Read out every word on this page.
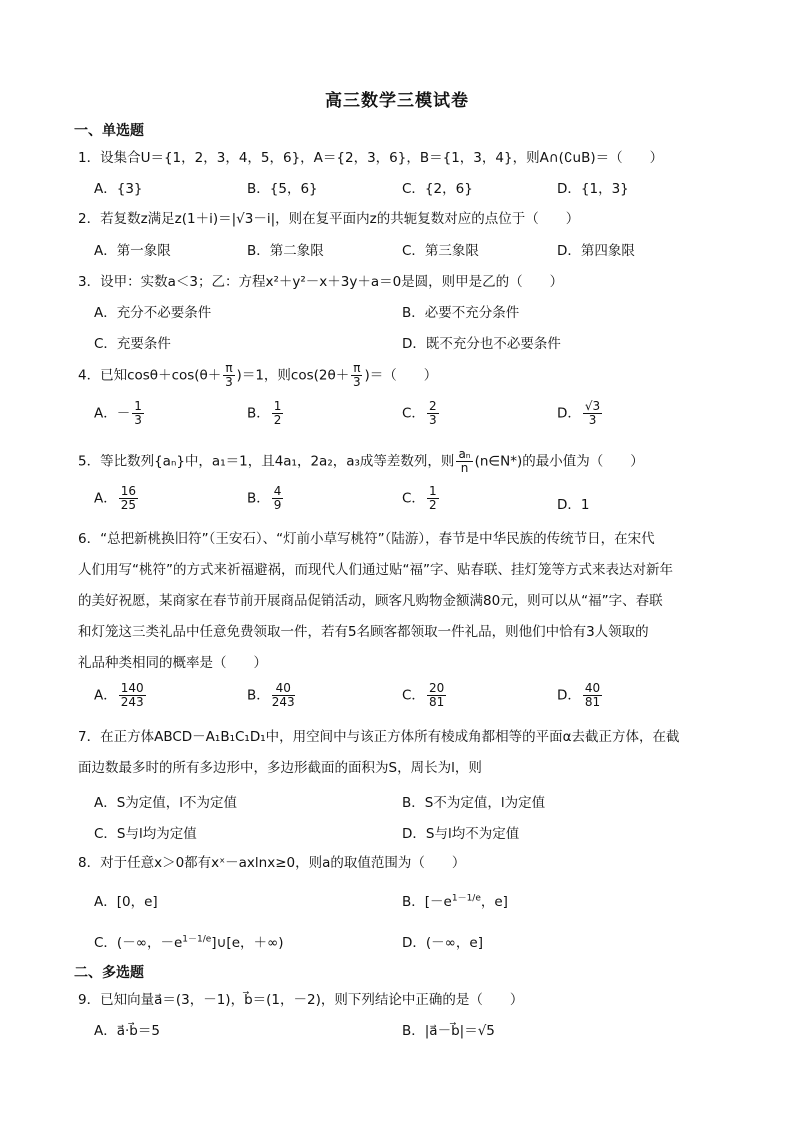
高三数学三模试卷
一、单选题
1．设集合U＝{1，2，3，4，5，6}，A＝{2，3，6}，B＝{1，3，4}，则A∩(∁uB)＝（　　）
A．{3}	B．{5，6}	C．{2，6}	D．{1，3}
2．若复数z满足z(1＋i)＝|√3－i|，则在复平面内z的共轭复数对应的点位于（　　）
A．第一象限	B．第二象限	C．第三象限	D．第四象限
3．设甲：实数a＜3；乙：方程x²＋y²－x＋3y＋a＝0是圆，则甲是乙的（　　）
A．充分不必要条件	B．必要不充分条件
C．充要条件	D．既不充分也不必要条件
4．已知$\cos\theta+\cos(\theta+ \frac{\pi}{3} )=1$，则$\cos(2\theta+ \frac{\pi}{3}$ )＝（　　）
A．－ $\frac{1}{3}$	B． $\frac{1}{2}$	C． $\frac{2}{3}$	D． $\frac{√3}{3}$
5．等比数列{aₙ}中，a₁＝1，且4a₁，2a₂，a₃成等差数列，则 $\frac{\text{aₙ}}{n}$ (n∈N*)的最小值为（　　）
A． $\frac{16}{25}$	B． $\frac{4}{9}$	C． $\frac{1}{2}$	D．1
6．“总把新桃换旧符”（王安石）、“灯前小草写桃符”（陆游），春节是中华民族的传统节日，在宋代
人们用写“桃符”的方式来祈福避祸，而现代人们通过贴“福”字、贴春联、挂灯笼等方式来表达对新年
的美好祝愿，某商家在春节前开展商品促销活动，顾客凡购物金额满80元，则可以从“福”字、春联
和灯笼这三类礼品中任意免费领取一件，若有5名顾客都领取一件礼品，则他们中恰有3人领取的
礼品种类相同的概率是（　　）
A． $\frac{140}{243}$	B． $\frac{40}{243}$	C． $\frac{20}{81}$	D． $\frac{40}{81}$
7．在正方体ABCD－A₁B₁C₁D₁中，用空间中与该正方体所有棱成角都相等的平面α去截正方体，在截
面边数最多时的所有多边形中，多边形截面的面积为S，周长为l，则
A．S为定值，l不为定值	B．S不为定值，l为定值
C．S与l均为定值	D．S与l均不为定值
8．对于任意x＞0都有xˣ－axlnx≥0，则a的取值范围为（　　）
A．[0，e]	B．[$-e^{1-1/e}$，e]
C．(－∞，$-e^{1-1/e}]\cup[e$，＋∞)	D．(－∞，e]
二、多选题
9．已知向量a⃗＝(3，－1)，b⃗＝(1，－2)，则下列结论中正确的是（　　）
A．a⃗·b⃗＝5	B．|a⃗－b⃗|＝√5
